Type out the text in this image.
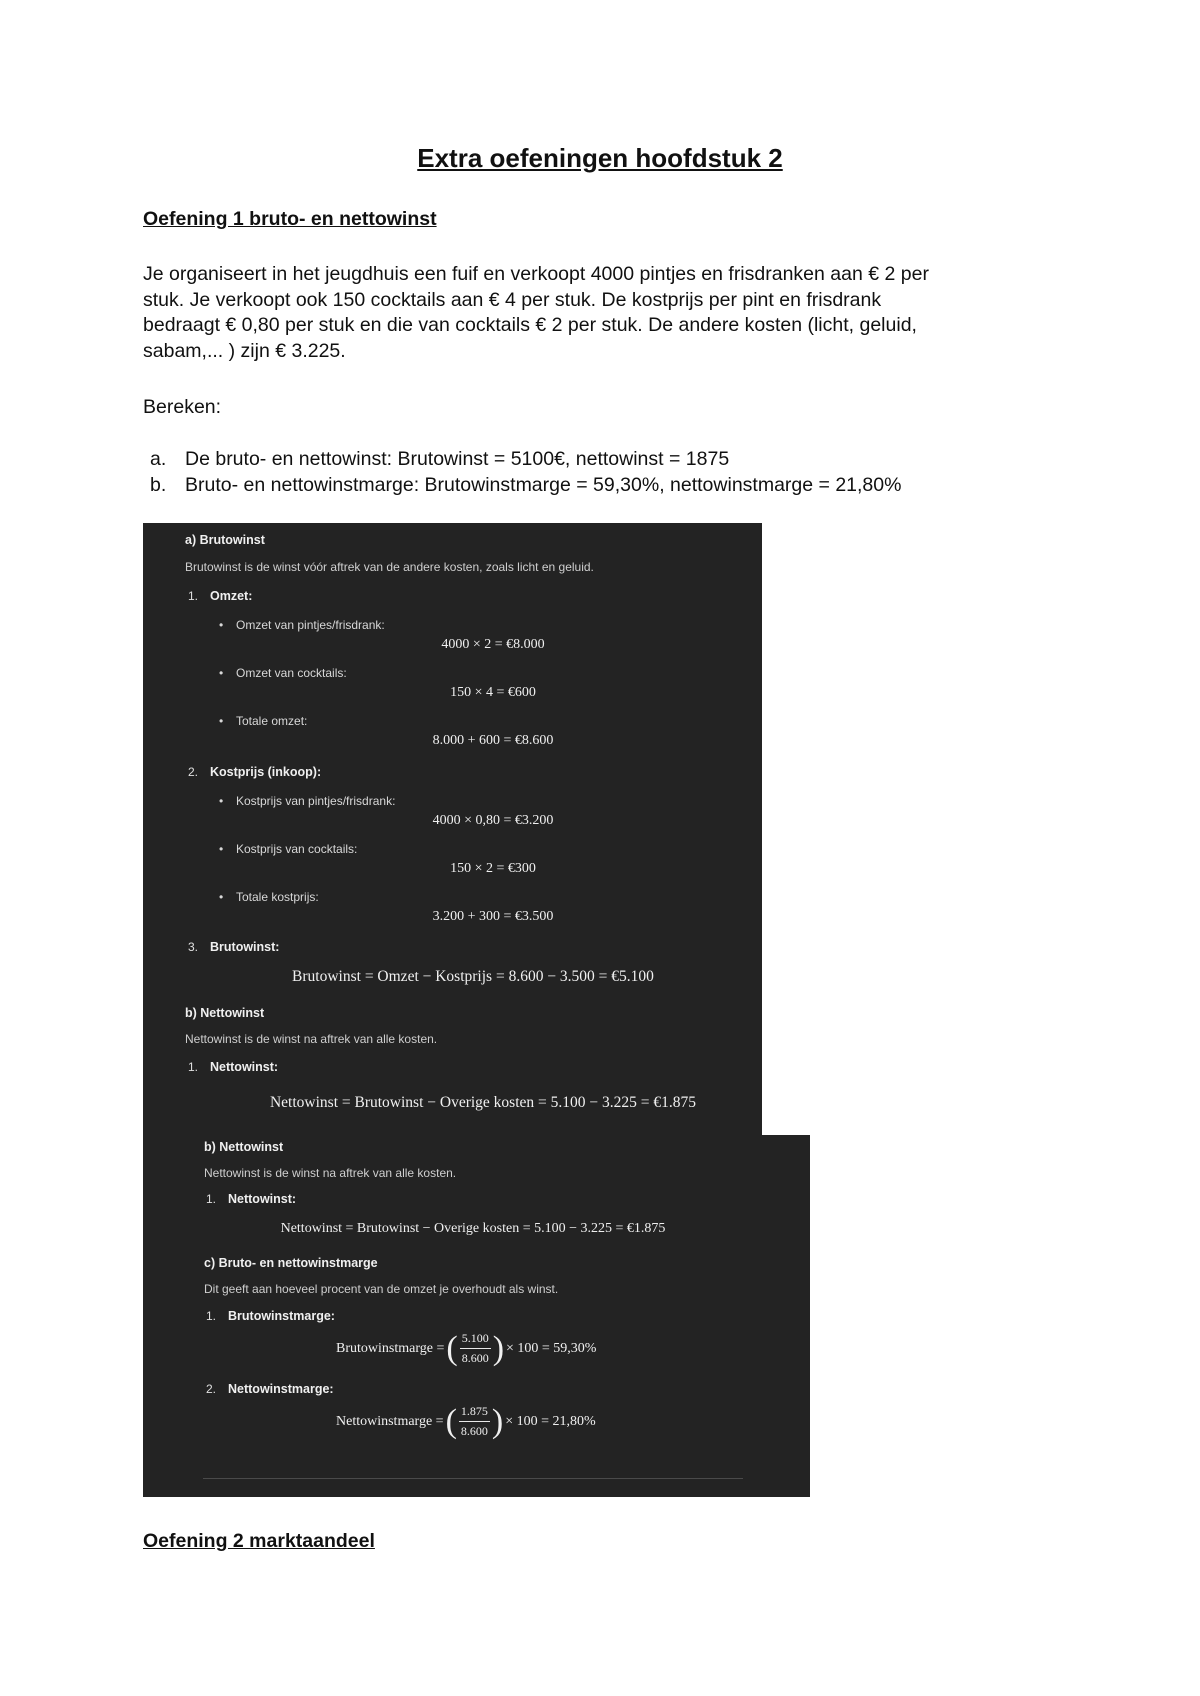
Extra oefeningen hoofdstuk 2
Oefening 1 bruto- en nettowinst
Je organiseert in het jeugdhuis een fuif en verkoopt 4000 pintjes en frisdranken aan € 2 per
stuk. Je verkoopt ook 150 cocktails aan € 4 per stuk. De kostprijs per pint en frisdrank
bedraagt € 0,80 per stuk en die van cocktails € 2 per stuk. De andere kosten (licht, geluid,
sabam,... ) zijn € 3.225.
Bereken:
a. De bruto- en nettowinst: Brutowinst = 5100€, nettowinst = 1875
b. Bruto- en nettowinstmarge: Brutowinstmarge = 59,30%, nettowinstmarge = 21,80%
a) Brutowinst
Brutowinst is de winst vóór aftrek van de andere kosten, zoals licht en geluid.
1. Omzet:
• Omzet van pintjes/frisdrank:
4000 × 2 = €8.000
• Omzet van cocktails:
150 × 4 = €600
• Totale omzet:
8.000 + 600 = €8.600
2. Kostprijs (inkoop):
• Kostprijs van pintjes/frisdrank:
4000 × 0,80 = €3.200
• Kostprijs van cocktails:
150 × 2 = €300
• Totale kostprijs:
3.200 + 300 = €3.500
3. Brutowinst:
Brutowinst = Omzet − Kostprijs = 8.600 − 3.500 = €5.100
b) Nettowinst
Nettowinst is de winst na aftrek van alle kosten.
1. Nettowinst:
Nettowinst = Brutowinst − Overige kosten = 5.100 − 3.225 = €1.875
b) Nettowinst
Nettowinst is de winst na aftrek van alle kosten.
1. Nettowinst:
Nettowinst = Brutowinst − Overige kosten = 5.100 − 3.225 = €1.875
c) Bruto- en nettowinstmarge
Dit geeft aan hoeveel procent van de omzet je overhoudt als winst.
1. Brutowinstmarge:
Brutowinstmarge = ( $\frac{5.100}{8.600}$ ) × 100 = 59,30%
2. Nettowinstmarge:
Nettowinstmarge = ( $\frac{1.875}{8.600}$ ) × 100 = 21,80%
Oefening 2 marktaandeel
